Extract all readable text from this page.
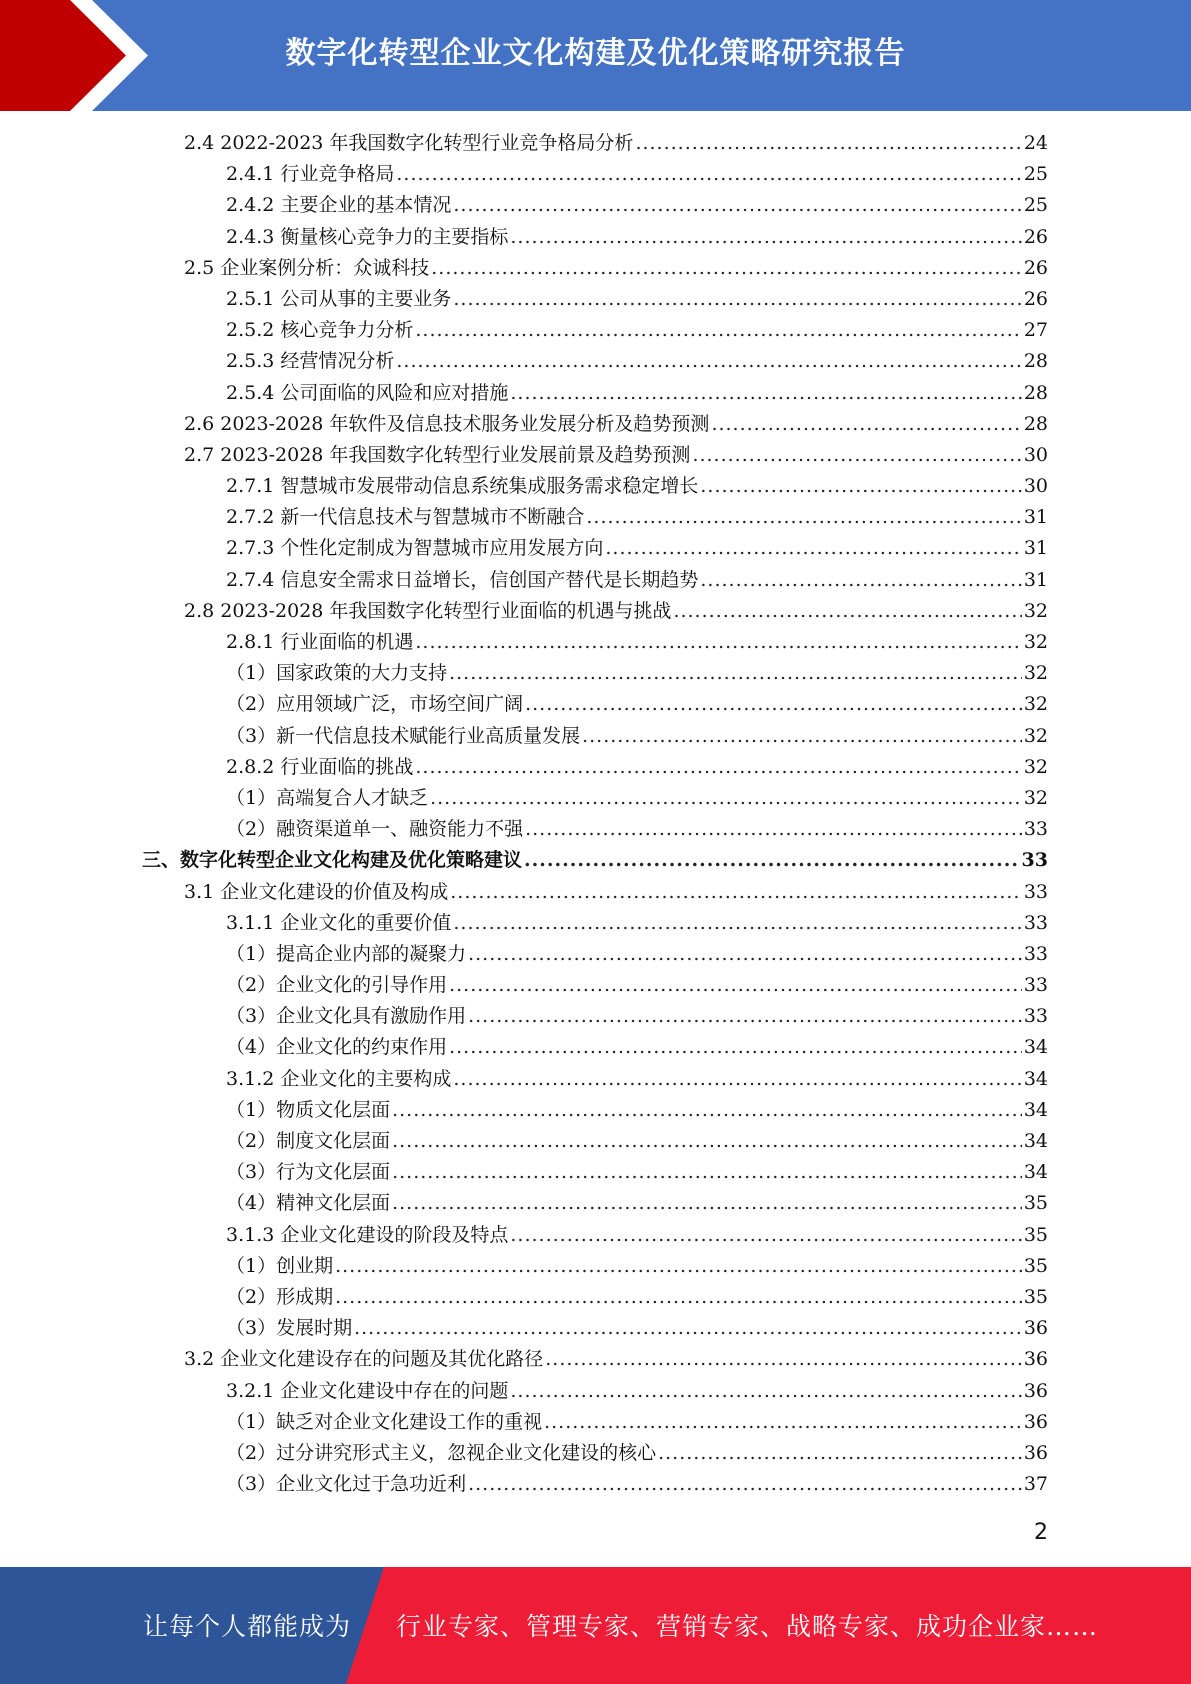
数字化转型企业文化构建及优化策略研究报告
2.4 2022-2023 年我国数字化转型行业竞争格局分析 .....	24
2.4.1 行业竞争格局 .....	25
2.4.2 主要企业的基本情况 .....	25
2.4.3 衡量核心竞争力的主要指标 .....	26
2.5 企业案例分析：众诚科技 .....	26
2.5.1 公司从事的主要业务 .....	26
2.5.2 核心竞争力分析 .....	27
2.5.3 经营情况分析 .....	28
2.5.4 公司面临的风险和应对措施 .....	28
2.6 2023-2028 年软件及信息技术服务业发展分析及趋势预测 .....	28
2.7 2023-2028 年我国数字化转型行业发展前景及趋势预测 .....	30
2.7.1 智慧城市发展带动信息系统集成服务需求稳定增长 .....	30
2.7.2 新一代信息技术与智慧城市不断融合 .....	31
2.7.3 个性化定制成为智慧城市应用发展方向 .....	31
2.7.4 信息安全需求日益增长，信创国产替代是长期趋势 .....	31
2.8 2023-2028 年我国数字化转型行业面临的机遇与挑战 .....	32
2.8.1 行业面临的机遇 .....	32
（1）国家政策的大力支持 .....	32
（2）应用领域广泛，市场空间广阔 .....	32
（3）新一代信息技术赋能行业高质量发展 .....	32
2.8.2 行业面临的挑战 .....	32
（1）高端复合人才缺乏 .....	32
（2）融资渠道单一、融资能力不强 .....	33
三、数字化转型企业文化构建及优化策略建议 .....	33
3.1 企业文化建设的价值及构成 .....	33
3.1.1 企业文化的重要价值 .....	33
（1）提高企业内部的凝聚力 .....	33
（2）企业文化的引导作用 .....	33
（3）企业文化具有激励作用 .....	33
（4）企业文化的约束作用 .....	34
3.1.2 企业文化的主要构成 .....	34
（1）物质文化层面 .....	34
（2）制度文化层面 .....	34
（3）行为文化层面 .....	34
（4）精神文化层面 .....	35
3.1.3 企业文化建设的阶段及特点 .....	35
（1）创业期 .....	35
（2）形成期 .....	35
（3）发展时期 .....	36
3.2 企业文化建设存在的问题及其优化路径 .....	36
3.2.1 企业文化建设中存在的问题 .....	36
（1）缺乏对企业文化建设工作的重视 .....	36
（2）过分讲究形式主义，忽视企业文化建设的核心 .....	36
（3）企业文化过于急功近利 .....	37
2
让每个人都能成为 行业专家、管理专家、营销专家、战略专家、成功企业家……
